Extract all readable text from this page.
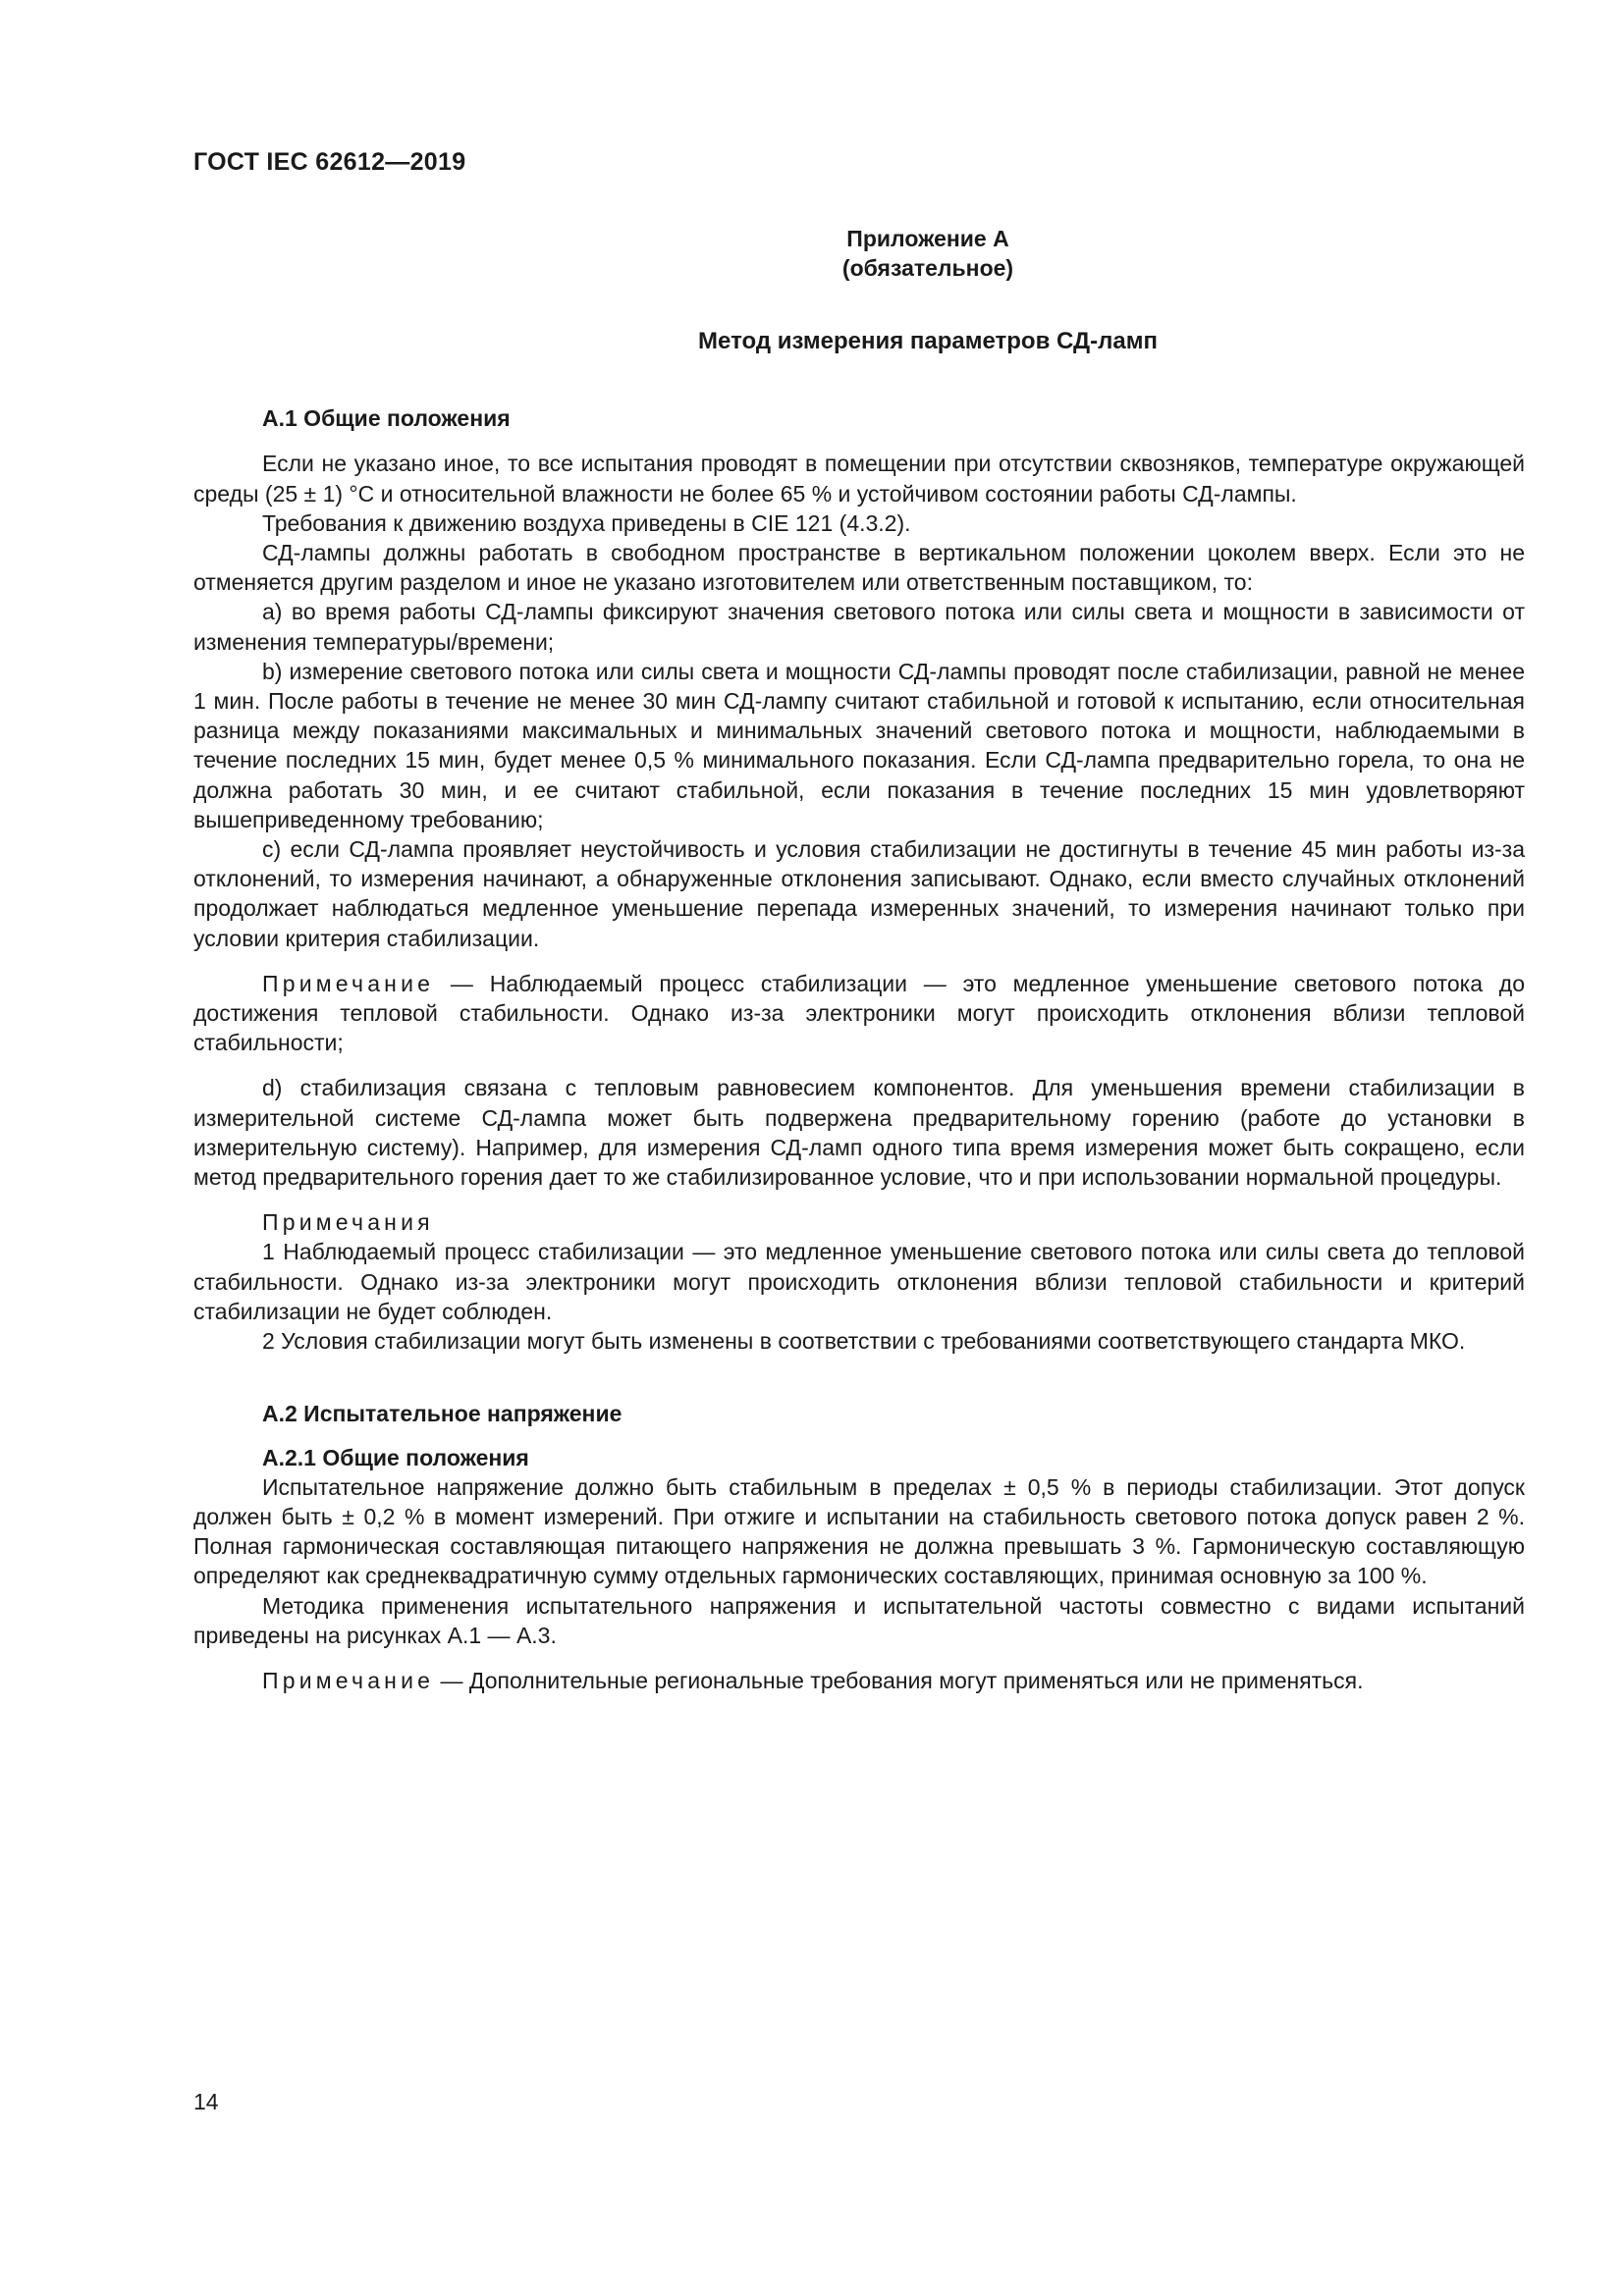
ГОСТ IEC 62612—2019
Приложение А
(обязательное)
Метод измерения параметров СД-ламп
А.1 Общие положения

Если не указано иное, то все испытания проводят в помещении при отсутствии сквозняков, температуре окружающей среды (25 ± 1) °С и относительной влажности не более 65 % и устойчивом состоянии работы СД-лампы.

Требования к движению воздуха приведены в CIE 121 (4.3.2).

СД-лампы должны работать в свободном пространстве в вертикальном положении цоколем вверх. Если это не отменяется другим разделом и иное не указано изготовителем или ответственным поставщиком, то:

а) во время работы СД-лампы фиксируют значения светового потока или силы света и мощности в зависимости от изменения температуры/времени;

b) измерение светового потока или силы света и мощности СД-лампы проводят после стабилизации, равной не менее 1 мин. После работы в течение не менее 30 мин СД-лампу считают стабильной и готовой к испытанию, если относительная разница между показаниями максимальных и минимальных значений светового потока и мощности, наблюдаемыми в течение последних 15 мин, будет менее 0,5 % минимального показания. Если СД-лампа предварительно горела, то она не должна работать 30 мин, и ее считают стабильной, если показания в течение последних 15 мин удовлетворяют вышеприведенному требованию;

c) если СД-лампа проявляет неустойчивость и условия стабилизации не достигнуты в течение 45 мин работы из-за отклонений, то измерения начинают, а обнаруженные отклонения записывают. Однако, если вместо случайных отклонений продолжает наблюдаться медленное уменьшение перепада измеренных значений, то измерения начинают только при условии критерия стабилизации.

Примечание — Наблюдаемый процесс стабилизации — это медленное уменьшение светового потока до достижения тепловой стабильности. Однако из-за электроники могут происходить отклонения вблизи тепловой стабильности;

d) стабилизация связана с тепловым равновесием компонентов. Для уменьшения времени стабилизации в измерительной системе СД-лампа может быть подвержена предварительному горению (работе до установки в измерительную систему). Например, для измерения СД-ламп одного типа время измерения может быть сокращено, если метод предварительного горения дает то же стабилизированное условие, что и при использовании нормальной процедуры.

Примечания

1 Наблюдаемый процесс стабилизации — это медленное уменьшение светового потока или силы света до тепловой стабильности. Однако из-за электроники могут происходить отклонения вблизи тепловой стабильности и критерий стабилизации не будет соблюден.

2 Условия стабилизации могут быть изменены в соответствии с требованиями соответствующего стандарта МКО.

А.2 Испытательное напряжение
А.2.1 Общие положения

Испытательное напряжение должно быть стабильным в пределах ± 0,5 % в периоды стабилизации. Этот допуск должен быть ± 0,2 % в момент измерений. При отжиге и испытании на стабильность светового потока допуск равен 2 %. Полная гармоническая составляющая питающего напряжения не должна превышать 3 %. Гармоническую составляющую определяют как среднеквадратичную сумму отдельных гармонических составляющих, принимая основную за 100 %.

Методика применения испытательного напряжения и испытательной частоты совместно с видами испытаний приведены на рисунках А.1 — А.3.

Примечание — Дополнительные региональные требования могут применяться или не применяться.

14
